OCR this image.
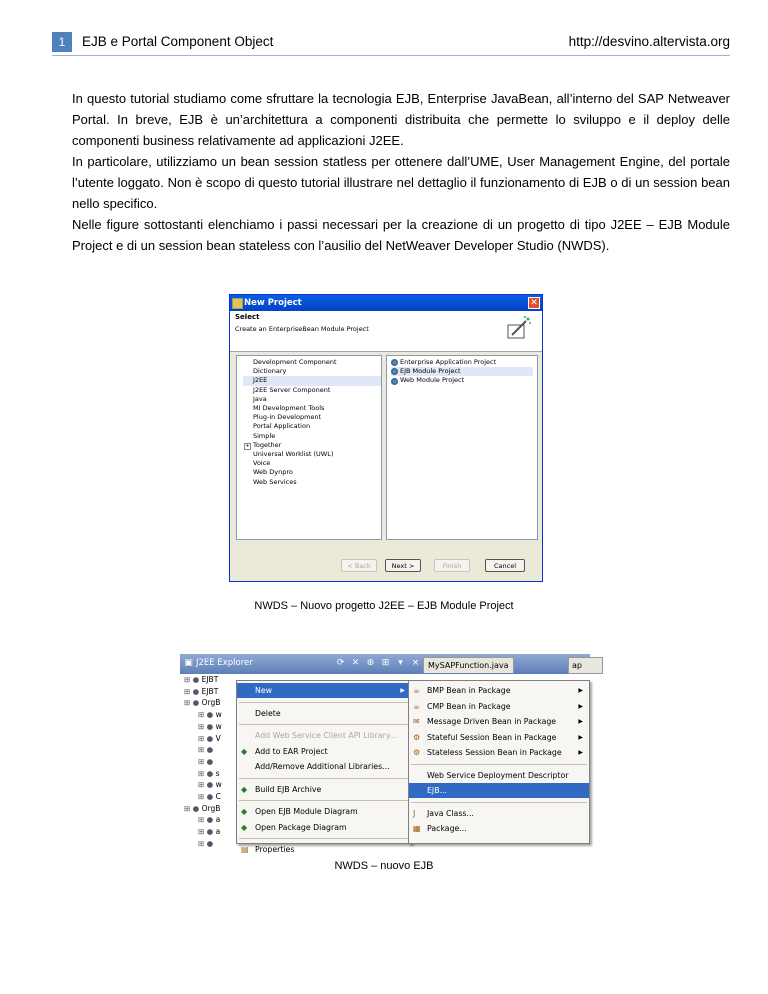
1	EJB e Portal Component Object	http://desvino.altervista.org

In questo tutorial studiamo come sfruttare la tecnologia EJB, Enterprise JavaBean, all’interno del SAP Netweaver Portal. In breve, EJB è un’architettura a componenti distribuita che permette lo sviluppo e il deploy delle componenti business relativamente ad applicazioni J2EE.

In particolare, utilizziamo un bean session statless per ottenere dall’UME, User Management Engine, del portale l’utente loggato. Non è scopo di questo tutorial illustrare nel dettaglio il funzionamento di EJB o di un session bean nello specifico.

Nelle figure sottostanti elenchiamo i passi necessari per la creazione di un progetto di tipo J2EE – EJB Module Project e di un session bean stateless con l’ausilio del NetWeaver Developer Studio (NWDS).

New Project	✕
Select
Create an EnterpriseBean Module Project
Development Component
Dictionary
J2EE
J2EE Server Component
Java
MI Development Tools
Plug-in Development
Portal Application
Simple
+ Together
Universal Worklist (UWL)
Voice
Web Dynpro
Web Services
Enterprise Application Project
EJB Module Project
Web Module Project
< Back	Next >	Finish	Cancel
NWDS – Nuovo progetto J2EE – EJB Module Project
▣ J2EE Explorer	⟳ ✕ ⊕ ⊞ ▾ ×	MySAPFunction.java	ap
⊞ ● EJBT
⊞ ● EJBT
⊞ ● OrgB
⊞ ● w
⊞ ● w
⊞ ● V
⊞ ●
⊞ ●
⊞ ● s
⊞ ● w
⊞ ● C
⊞ ● OrgB
⊞ ● a
⊞ ● a
⊞ ●
New	▶
Delete
Add Web Service Client API Library...
◆	Add to EAR Project
Add/Remove Additional Libraries...
◆	Build EJB Archive
◆	Open EJB Module Diagram
◆	Open Package Diagram
▤ Properties
☕ BMP Bean in Package	▶
☕ CMP Bean in Package	▶
✉ Message Driven Bean in Package	▶
⚙ Stateful Session Bean in Package	▶
⚙ Stateless Session Bean in Package	▶
Web Service Deployment Descriptor
EJB...
J	Java Class...
▦ Package...
NWDS – nuovo EJB
